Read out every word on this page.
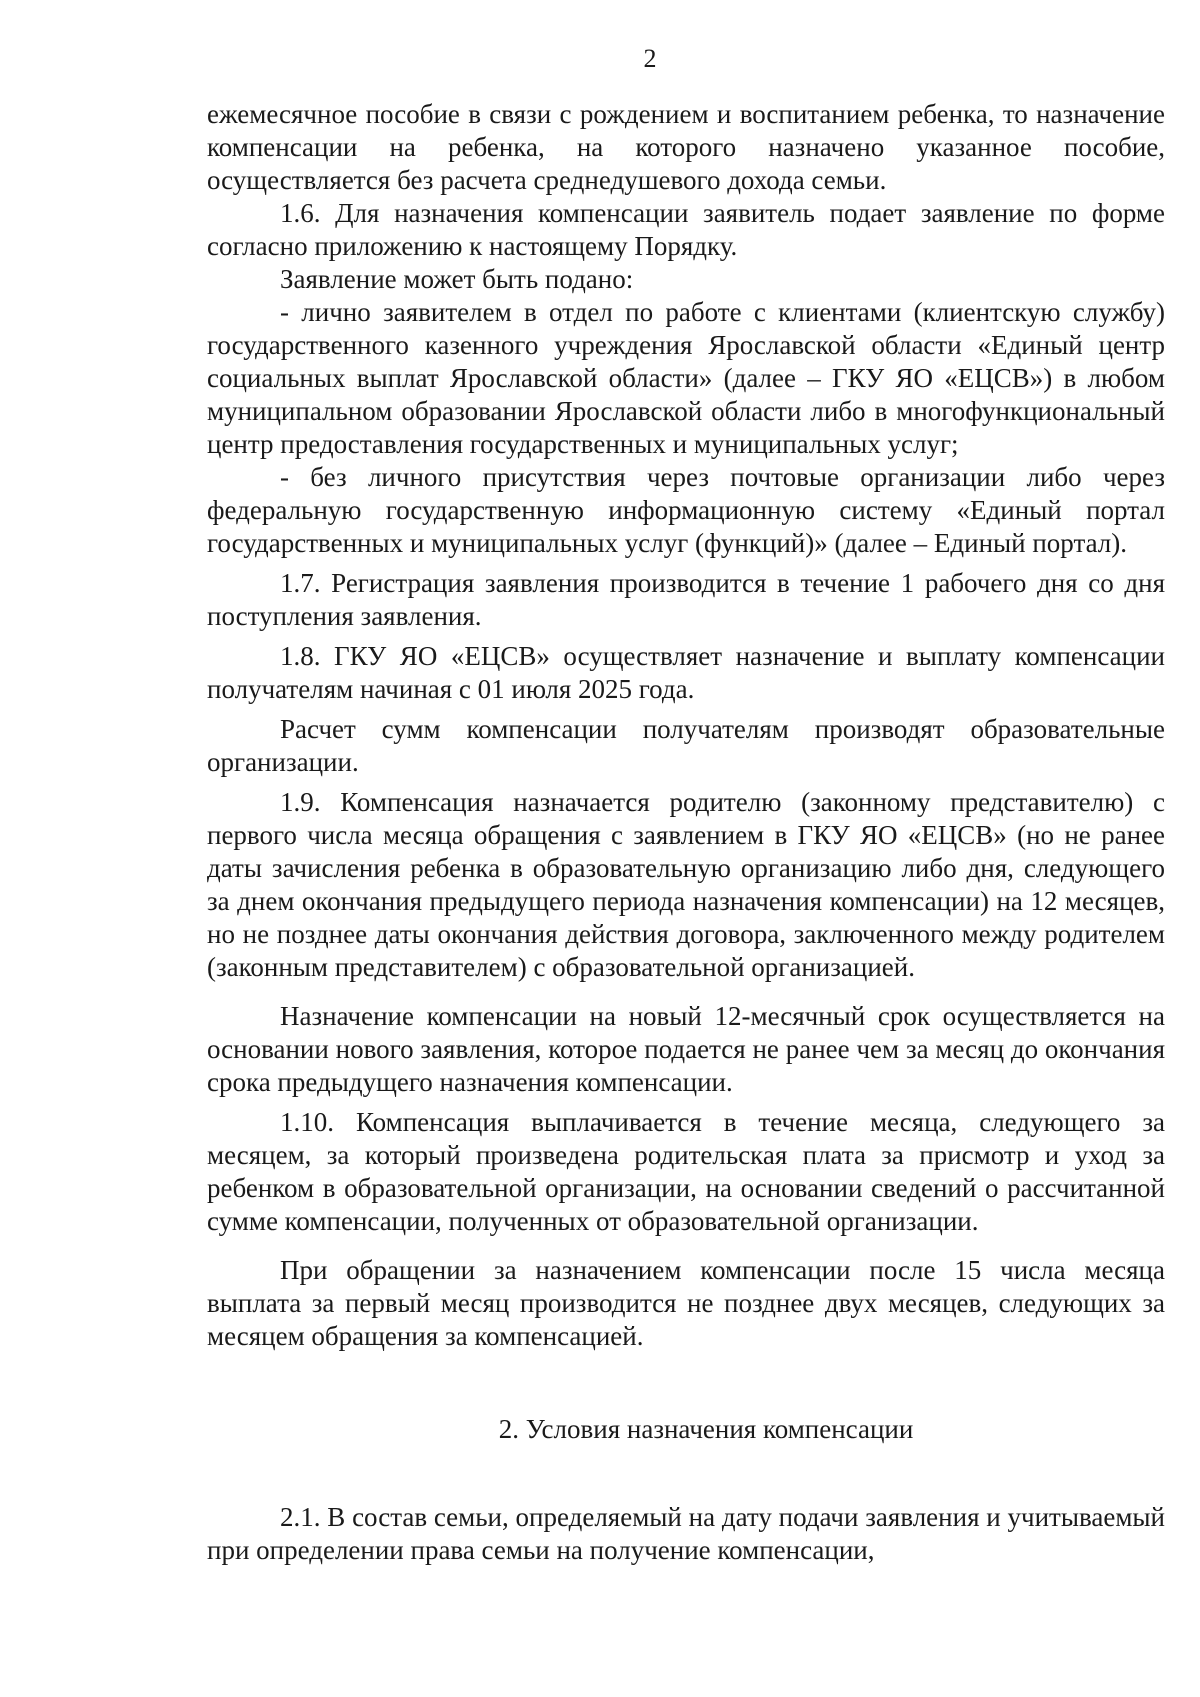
2

ежемесячное пособие в связи с рождением и воспитанием ребенка, то назначение компенсации на ребенка, на которого назначено указанное пособие, осуществляется без расчета среднедушевого дохода семьи.

1.6. Для назначения компенсации заявитель подает заявление по форме согласно приложению к настоящему Порядку.

Заявление может быть подано:

- лично заявителем в отдел по работе с клиентами (клиентскую службу) государственного казенного учреждения Ярославской области «Единый центр социальных выплат Ярославской области» (далее – ГКУ ЯО «ЕЦСВ») в любом муниципальном образовании Ярославской области либо в многофункциональный центр предоставления государственных и муниципальных услуг;

- без личного присутствия через почтовые организации либо через федеральную государственную информационную систему «Единый портал государственных и муниципальных услуг (функций)» (далее – Единый портал).

1.7. Регистрация заявления производится в течение 1 рабочего дня со дня поступления заявления.

1.8. ГКУ ЯО «ЕЦСВ» осуществляет назначение и выплату компенсации получателям начиная с 01 июля 2025 года.

Расчет сумм компенсации получателям производят образовательные организации.

1.9. Компенсация назначается родителю (законному представителю) с первого числа месяца обращения с заявлением в ГКУ ЯО «ЕЦСВ» (но не ранее даты зачисления ребенка в образовательную организацию либо дня, следующего за днем окончания предыдущего периода назначения компенсации) на 12 месяцев, но не позднее даты окончания действия договора, заключенного между родителем (законным представителем) с образовательной организацией.

Назначение компенсации на новый 12-месячный срок осуществляется на основании нового заявления, которое подается не ранее чем за месяц до окончания срока предыдущего назначения компенсации.

1.10. Компенсация выплачивается в течение месяца, следующего за месяцем, за который произведена родительская плата за присмотр и уход за ребенком в образовательной организации, на основании сведений о рассчитанной сумме компенсации, полученных от образовательной организации.

При обращении за назначением компенсации после 15 числа месяца выплата за первый месяц производится не позднее двух месяцев, следующих за месяцем обращения за компенсацией.

2. Условия назначения компенсации

2.1. В состав семьи, определяемый на дату подачи заявления и учитываемый при определении права семьи на получение компенсации,
